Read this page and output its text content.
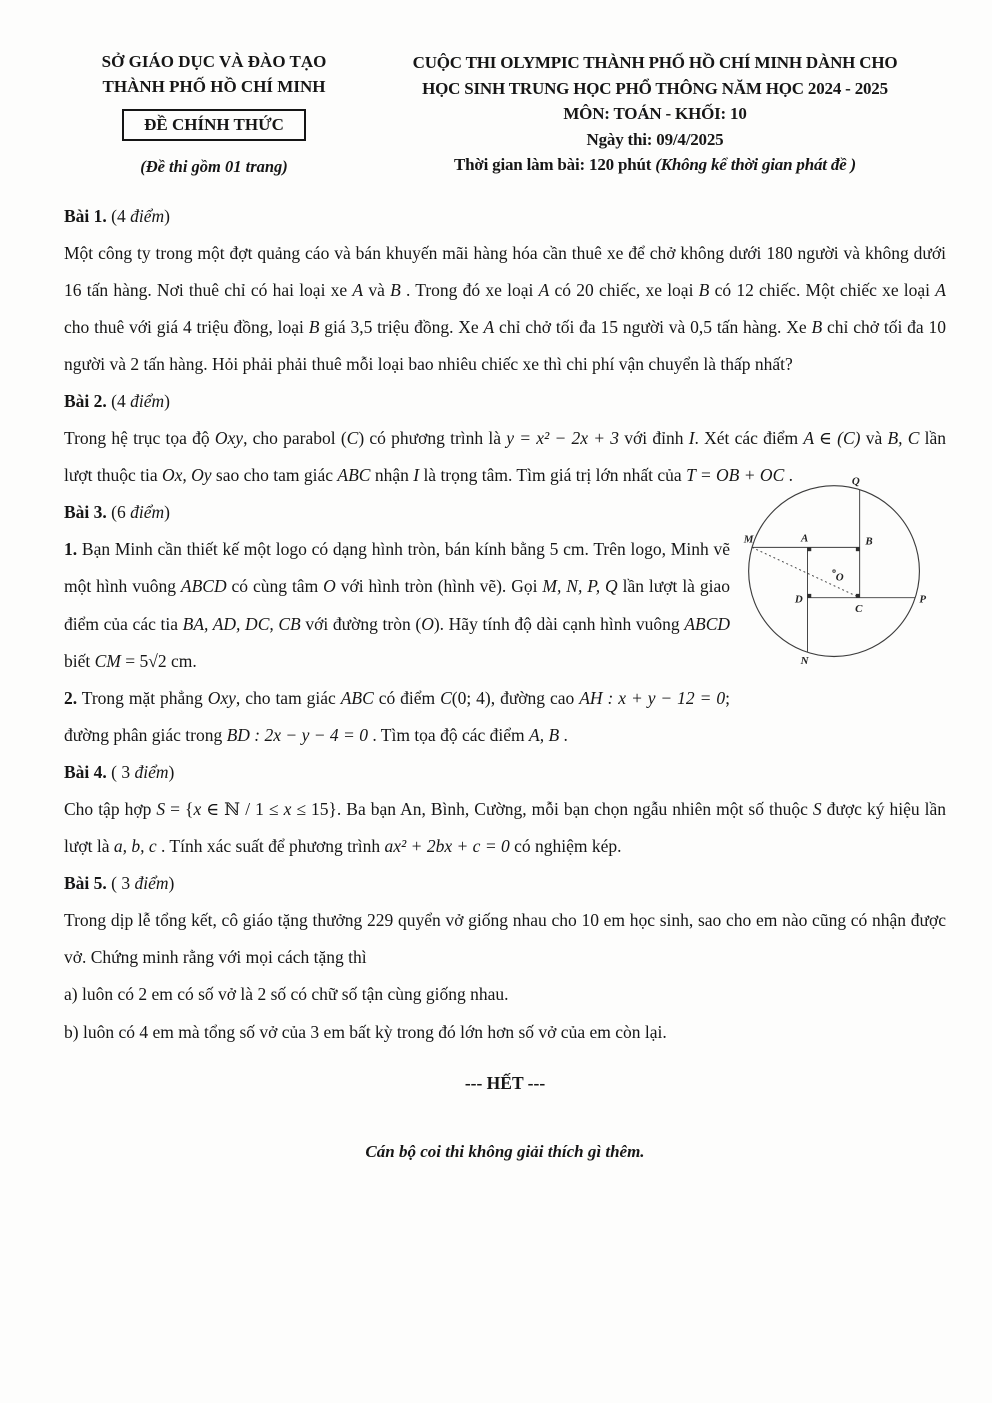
SỞ GIÁO DỤC VÀ ĐÀO TẠO
THÀNH PHỐ HỒ CHÍ MINH
ĐỀ CHÍNH THỨC
(Đề thi gồm 01 trang)
CUỘC THI OLYMPIC THÀNH PHỐ HỒ CHÍ MINH DÀNH CHO
HỌC SINH TRUNG HỌC PHỔ THÔNG NĂM HỌC 2024 - 2025
MÔN: TOÁN - KHỐI: 10
Ngày thi: 09/4/2025
Thời gian làm bài: 120 phút (Không kể thời gian phát đề )

Bài 1. (4 điểm)

Một công ty trong một đợt quảng cáo và bán khuyến mãi hàng hóa cần thuê xe để chở không dưới 180 người và không dưới 16 tấn hàng. Nơi thuê chỉ có hai loại xe A và B . Trong đó xe loại A có 20 chiếc, xe loại B có 12 chiếc. Một chiếc xe loại A cho thuê với giá 4 triệu đồng, loại B giá 3,5 triệu đồng. Xe A chỉ chở tối đa 15 người và 0,5 tấn hàng. Xe B chỉ chở tối đa 10 người và 2 tấn hàng. Hỏi phải phải thuê mỗi loại bao nhiêu chiếc xe thì chi phí vận chuyển là thấp nhất?

Bài 2. (4 điểm)

Trong hệ trục tọa độ Oxy, cho parabol (C) có phương trình là y = x² − 2x + 3 với đỉnh I. Xét các điểm A ∈ (C) và B, C lần lượt thuộc tia Ox, Oy sao cho tam giác ABC nhận I là trọng tâm. Tìm giá trị lớn nhất của T = OB + OC .	Q
M	A	B
O
D
C
P
N

Bài 3. (6 điểm)

1. Bạn Minh cần thiết kế một logo có dạng hình tròn, bán kính bằng 5 cm. Trên logo, Minh vẽ một hình vuông ABCD có cùng tâm O với hình tròn (hình vẽ). Gọi M, N, P, Q lần lượt là giao điểm của các tia BA, AD, DC, CB với đường tròn (O). Hãy tính độ dài cạnh hình vuông ABCD biết CM = 5√2 cm.

2. Trong mặt phẳng Oxy, cho tam giác ABC có điểm C(0; 4), đường cao AH : x + y − 12 = 0; đường phân giác trong BD : 2x − y − 4 = 0 . Tìm tọa độ các điểm A, B .

Bài 4. ( 3 điểm)

Cho tập hợp S = {x ∈ ℕ / 1 ≤ x ≤ 15}. Ba bạn An, Bình, Cường, mỗi bạn chọn ngẫu nhiên một số thuộc S được ký hiệu lần lượt là a, b, c . Tính xác suất để phương trình ax² + 2bx + c = 0 có nghiệm kép.

Bài 5. ( 3 điểm)

Trong dịp lễ tổng kết, cô giáo tặng thưởng 229 quyển vở giống nhau cho 10 em học sinh, sao cho em nào cũng có nhận được vở. Chứng minh rằng với mọi cách tặng thì

a) luôn có 2 em có số vở là 2 số có chữ số tận cùng giống nhau.

b) luôn có 4 em mà tổng số vở của 3 em bất kỳ trong đó lớn hơn số vở của em còn lại.

--- HẾT ---
Cán bộ coi thi không giải thích gì thêm.
